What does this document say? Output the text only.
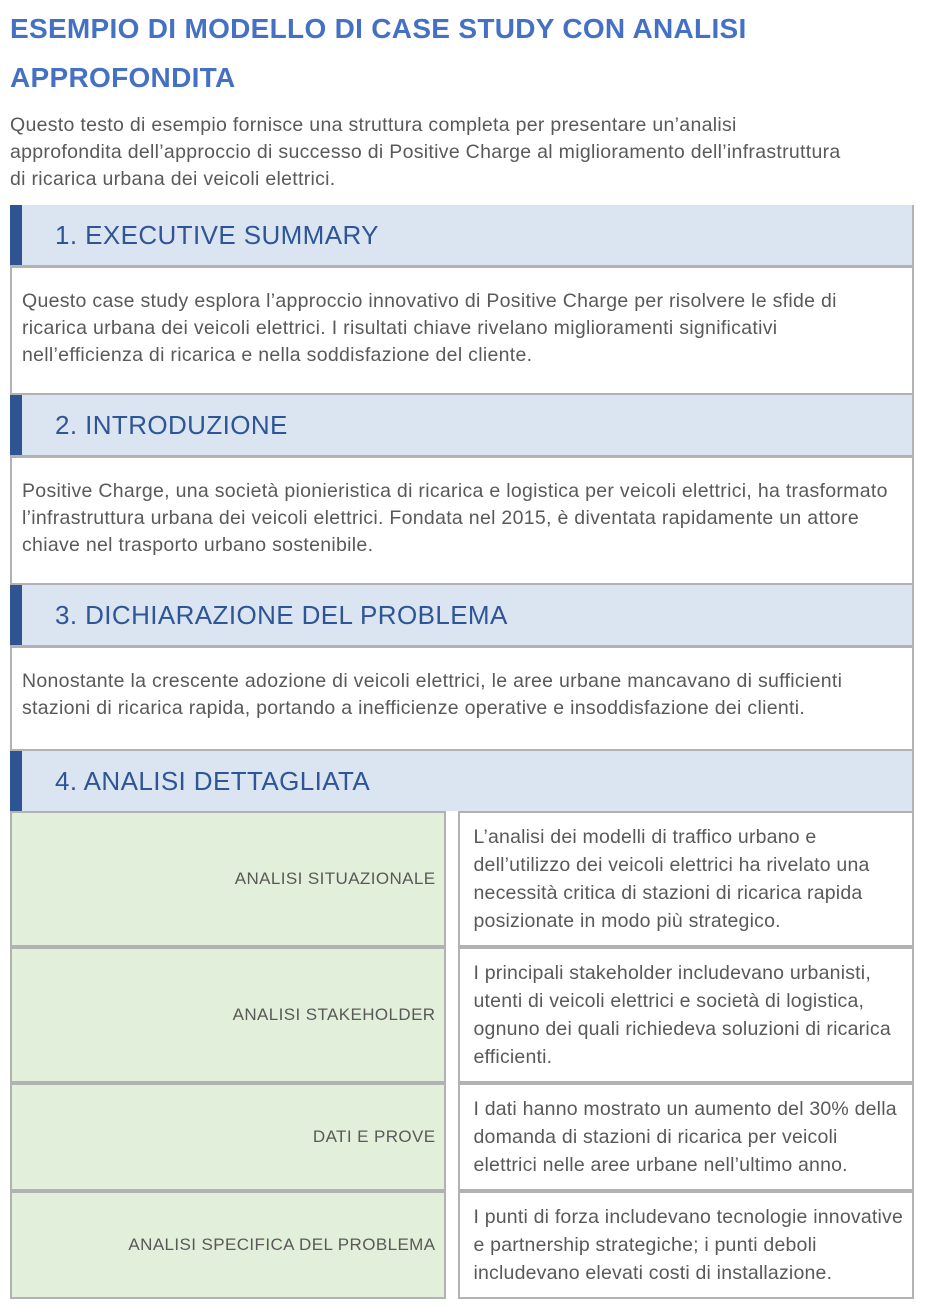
ESEMPIO DI MODELLO DI CASE STUDY CON ANALISI APPROFONDITA

Questo testo di esempio fornisce una struttura completa per presentare un’analisi approfondita dell’approccio di successo di Positive Charge al miglioramento dell’infrastruttura di ricarica urbana dei veicoli elettrici.

1. EXECUTIVE SUMMARY
Questo case study esplora l’approccio innovativo di Positive Charge per risolvere le sfide di ricarica urbana dei veicoli elettrici. I risultati chiave rivelano miglioramenti significativi nell’efficienza di ricarica e nella soddisfazione del cliente.
2. INTRODUZIONE
Positive Charge, una società pionieristica di ricarica e logistica per veicoli elettrici, ha trasformato l’infrastruttura urbana dei veicoli elettrici. Fondata nel 2015, è diventata rapidamente un attore chiave nel trasporto urbano sostenibile.
3. DICHIARAZIONE DEL PROBLEMA
Nonostante la crescente adozione di veicoli elettrici, le aree urbane mancavano di sufficienti stazioni di ricarica rapida, portando a inefficienze operative e insoddisfazione dei clienti.
4. ANALISI DETTAGLIATA
ANALISI SITUAZIONALE	L’analisi dei modelli di traffico urbano e dell’utilizzo dei veicoli elettrici ha rivelato una necessità critica di stazioni di ricarica rapida posizionate in modo più strategico.
ANALISI STAKEHOLDER	I principali stakeholder includevano urbanisti, utenti di veicoli elettrici e società di logistica, ognuno dei quali richiedeva soluzioni di ricarica efficienti.
DATI E PROVE	I dati hanno mostrato un aumento del 30% della domanda di stazioni di ricarica per veicoli elettrici nelle aree urbane nell’ultimo anno.
ANALISI SPECIFICA DEL PROBLEMA	I punti di forza includevano tecnologie innovative e partnership strategiche; i punti deboli includevano elevati costi di installazione.
